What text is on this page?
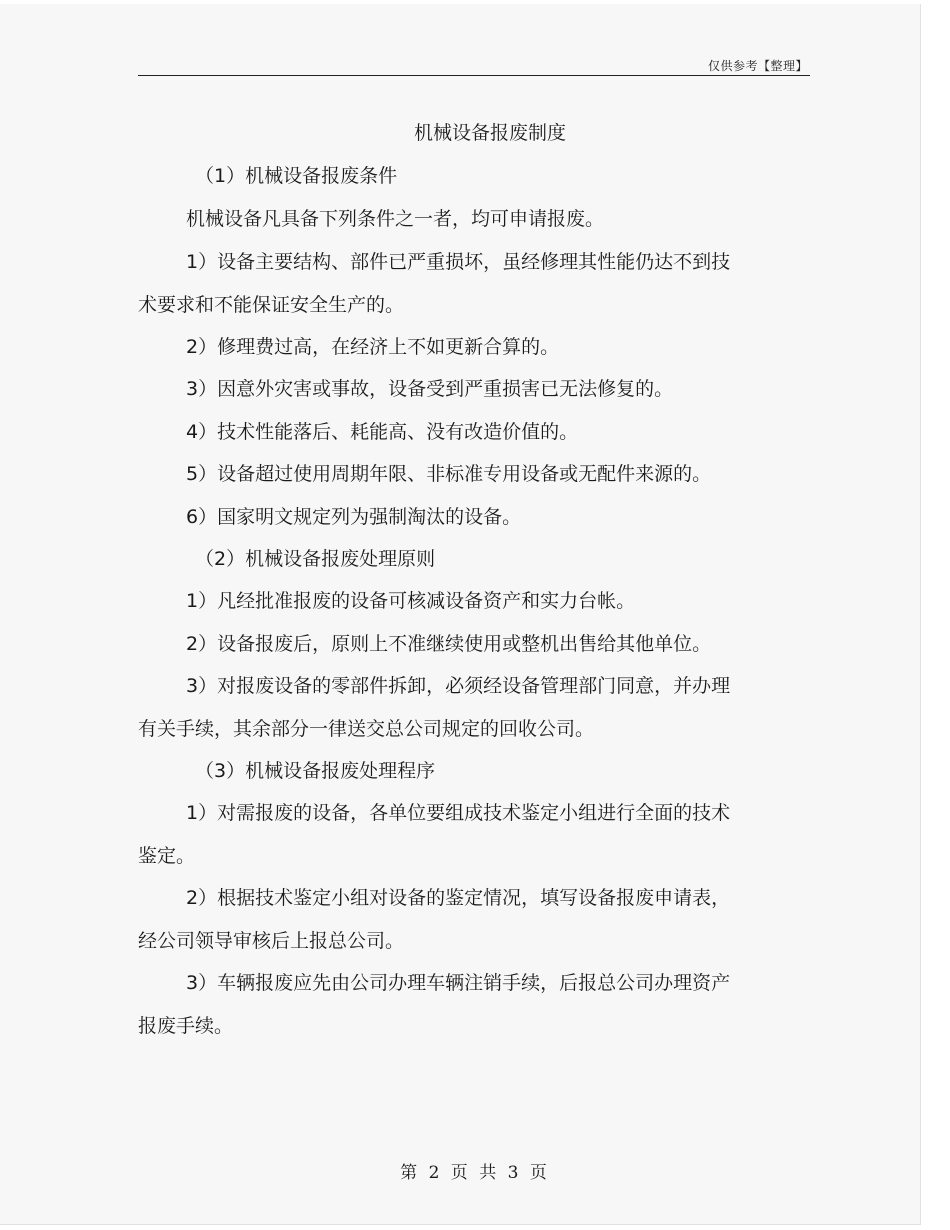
仅供参考【整理】
机械设备报废制度
（1）机械设备报废条件
机械设备凡具备下列条件之一者，均可申请报废。
1）设备主要结构、部件已严重损坏，虽经修理其性能仍达不到技
术要求和不能保证安全生产的。
2）修理费过高，在经济上不如更新合算的。
3）因意外灾害或事故，设备受到严重损害已无法修复的。
4）技术性能落后、耗能高、没有改造价值的。
5）设备超过使用周期年限、非标准专用设备或无配件来源的。
6）国家明文规定列为强制淘汰的设备。
（2）机械设备报废处理原则
1）凡经批准报废的设备可核减设备资产和实力台帐。
2）设备报废后，原则上不准继续使用或整机出售给其他单位。
3）对报废设备的零部件拆卸，必须经设备管理部门同意，并办理
有关手续，其余部分一律送交总公司规定的回收公司。
（3）机械设备报废处理程序
1）对需报废的设备，各单位要组成技术鉴定小组进行全面的技术
鉴定。
2）根据技术鉴定小组对设备的鉴定情况，填写设备报废申请表，
经公司领导审核后上报总公司。
3）车辆报废应先由公司办理车辆注销手续，后报总公司办理资产
报废手续。
第 2 页 共 3 页
